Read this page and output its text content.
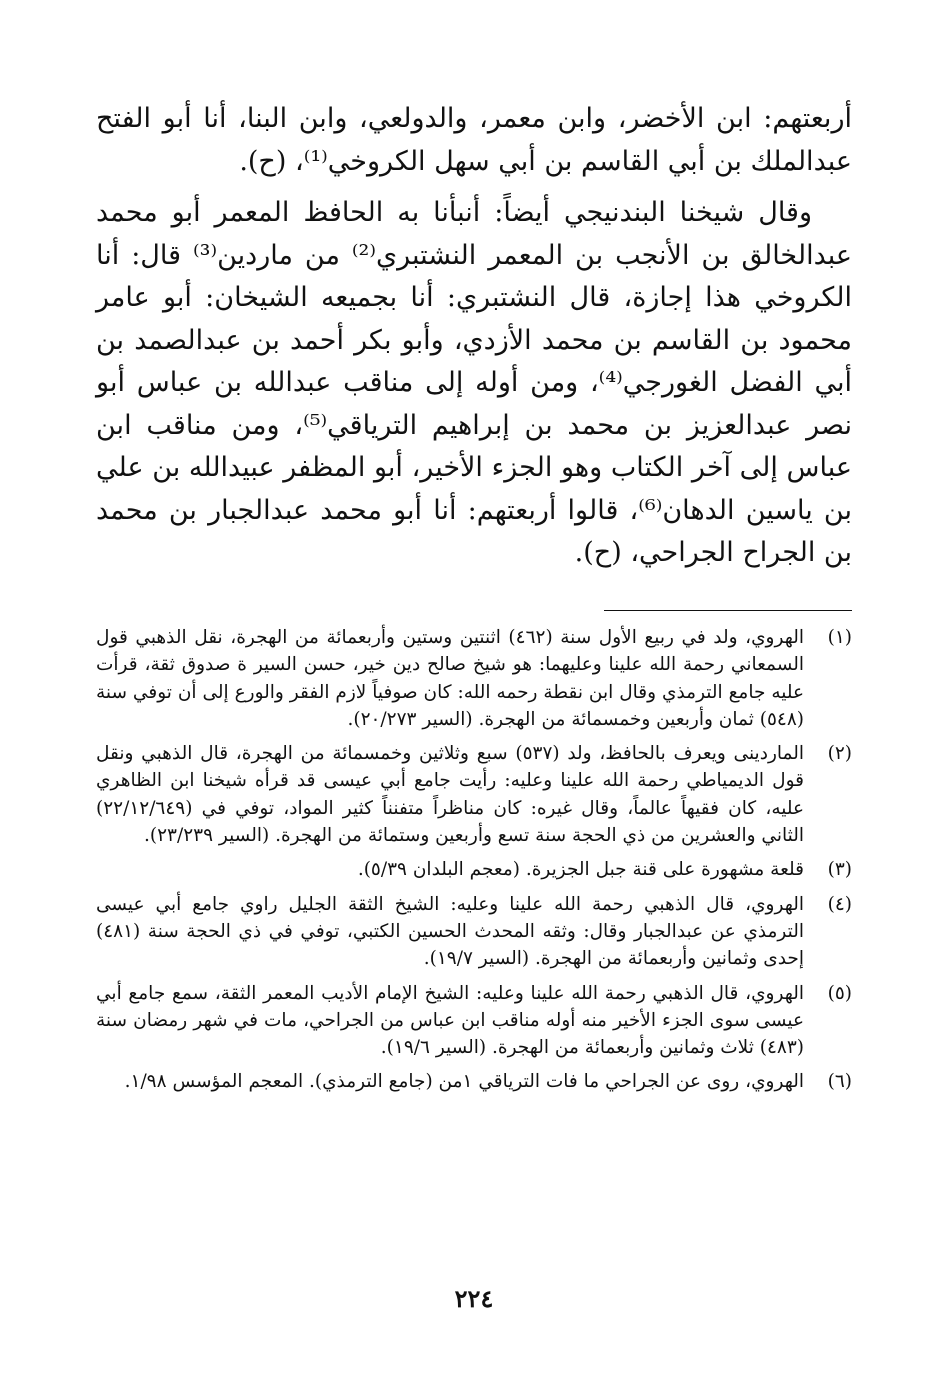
أربعتهم: ابن الأخضر، وابن معمر، والدولعي، وابن البنا، أنا أبو الفتح عبدالملك بن أبي القاسم بن أبي سهل الكروخي⁽¹⁾، (ح).

وقال شيخنا البندنيجي أيضاً: أنبأنا به الحافظ المعمر أبو محمد عبدالخالق بن الأنجب بن المعمر النشتبري⁽²⁾ من ماردين⁽³⁾ قال: أنا الكروخي هذا إجازة، قال النشتبري: أنا بجميعه الشيخان: أبو عامر محمود بن القاسم بن محمد الأزدي، وأبو بكر أحمد بن عبدالصمد بن أبي الفضل الغورجي⁽⁴⁾، ومن أوله إلى مناقب عبدالله بن عباس أبو نصر عبدالعزيز بن محمد بن إبراهيم الترياقي⁽⁵⁾، ومن مناقب ابن عباس إلى آخر الكتاب وهو الجزء الأخير، أبو المظفر عبيدالله بن علي بن ياسين الدهان⁽⁶⁾، قالوا أربعتهم: أنا أبو محمد عبدالجبار بن محمد بن الجراح الجراحي، (ح).

(١)
الهروي، ولد في ربيع الأول سنة (٤٦٢) اثنتين وستين وأربعمائة من الهجرة، نقل الذهبي قول السمعاني رحمة الله علينا وعليهما: هو شيخ صالح دين خير، حسن السير ة صدوق ثقة، قرأت عليه جامع الترمذي وقال ابن نقطة رحمه الله: كان صوفياً لازم الفقر والورع إلى أن توفي سنة (٥٤٨) ثمان وأربعين وخمسمائة من الهجرة. (السير ٢٠/٢٧٣).
(٢)
الماردينى ويعرف بالحافظ، ولد (٥٣٧) سبع وثلاثين وخمسمائة من الهجرة، قال الذهبي ونقل قول الديمياطي رحمة الله علينا وعليه: رأيت جامع أبي عيسى قد قرأه شيخنا ابن الظاهري عليه، كان فقيهاً عالماً، وقال غيره: كان مناظراً متفنناً كثير المواد، توفي في (٢٢/١٢/٦٤٩) الثاني والعشرين من ذي الحجة سنة تسع وأربعين وستمائة من الهجرة. (السير ٢٣/٢٣٩).
(٣)
قلعة مشهورة على قنة جبل الجزيرة. (معجم البلدان ٥/٣٩).
(٤)
الهروي، قال الذهبي رحمة الله علينا وعليه: الشيخ الثقة الجليل راوي جامع أبي عيسى الترمذي عن عبدالجبار وقال: وثقه المحدث الحسين الكتبي، توفي في ذي الحجة سنة (٤٨١) إحدى وثمانين وأربعمائة من الهجرة. (السير ١٩/٧).
(٥)
الهروي، قال الذهبي رحمة الله علينا وعليه: الشيخ الإمام الأديب المعمر الثقة، سمع جامع أبي عيسى سوى الجزء الأخير منه أوله مناقب ابن عباس من الجراحي، مات في شهر رمضان سنة (٤٨٣) ثلاث وثمانين وأربعمائة من الهجرة. (السير ١٩/٦).
(٦)
الهروي، روى عن الجراحي ما فات الترياقي ١من (جامع الترمذي). المعجم المؤسس ١/٩٨.
٢٢٤
